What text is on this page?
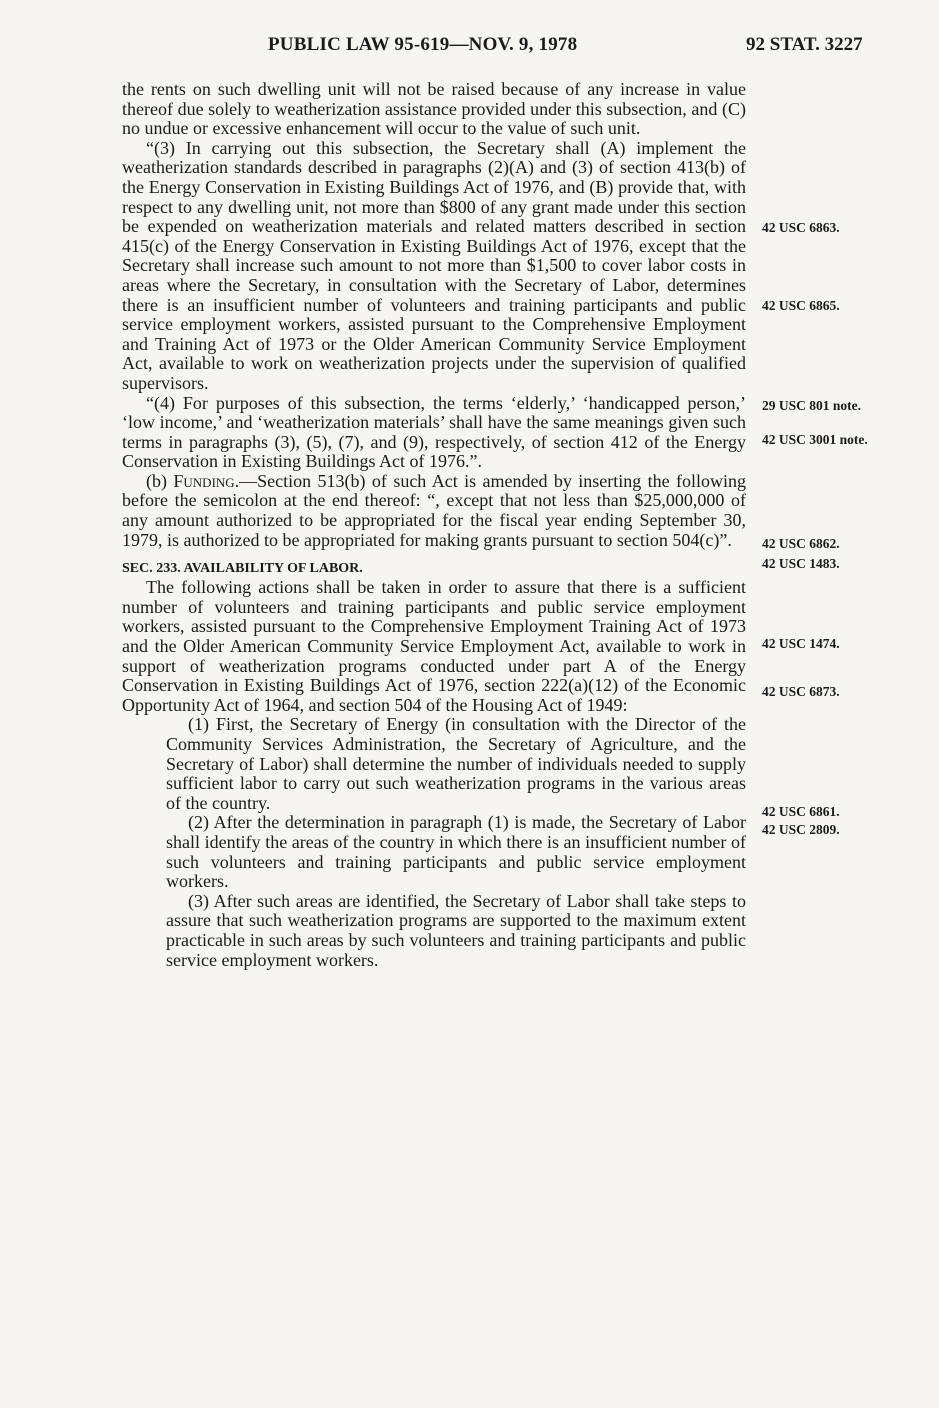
PUBLIC LAW 95-619—NOV. 9, 1978	92 STAT. 3227

the rents on such dwelling unit will not be raised because of any increase in value thereof due solely to weatherization assistance provided under this subsection, and (C) no undue or excessive enhancement will occur to the value of such unit.

“(3) In carrying out this subsection, the Secretary shall (A) implement the weatherization standards described in paragraphs (2)(A) and (3) of section 413(b) of the Energy Conservation in Existing Buildings Act of 1976, and (B) provide that, with respect to any dwelling unit, not more than $800 of any grant made under this section be expended on weatherization materials and related matters described in section 415(c) of the Energy Conservation in Existing Buildings Act of 1976, except that the Secretary shall increase such amount to not more than $1,500 to cover labor costs in areas where the Secretary, in consultation with the Secretary of Labor, determines there is an insufficient number of volunteers and training participants and public service employment workers, assisted pursuant to the Comprehensive Employment and Training Act of 1973 or the Older American Community Service Employment Act, available to work on weatherization projects under the supervision of qualified supervisors.

“(4) For purposes of this subsection, the terms ‘elderly,’ ‘handicapped person,’ ‘low income,’ and ‘weatherization materials’ shall have the same meanings given such terms in paragraphs (3), (5), (7), and (9), respectively, of section 412 of the Energy Conservation in Existing Buildings Act of 1976.”.

(b) Funding.—Section 513(b) of such Act is amended by inserting the following before the semicolon at the end thereof: “, except that not less than $25,000,000 of any amount authorized to be appropriated for the fiscal year ending September 30, 1979, is authorized to be appropriated for making grants pursuant to section 504(c)”.

SEC. 233. AVAILABILITY OF LABOR.

The following actions shall be taken in order to assure that there is a sufficient number of volunteers and training participants and public service employment workers, assisted pursuant to the Comprehensive Employment Training Act of 1973 and the Older American Community Service Employment Act, available to work in support of weatherization programs conducted under part A of the Energy Conservation in Existing Buildings Act of 1976, section 222(a)(12) of the Economic Opportunity Act of 1964, and section 504 of the Housing Act of 1949:

(1) First, the Secretary of Energy (in consultation with the Director of the Community Services Administration, the Secretary of Agriculture, and the Secretary of Labor) shall determine the number of individuals needed to supply sufficient labor to carry out such weatherization programs in the various areas of the country.

(2) After the determination in paragraph (1) is made, the Secretary of Labor shall identify the areas of the country in which there is an insufficient number of such volunteers and training participants and public service employment workers.

(3) After such areas are identified, the Secretary of Labor shall take steps to assure that such weatherization programs are supported to the maximum extent practicable in such areas by such volunteers and training participants and public service employment workers.

42 USC 6863.
42 USC 6865.
29 USC 801 note.
42 USC 3001 note.
42 USC 6862.
42 USC 1483.
42 USC 1474.
42 USC 6873.
42 USC 6861.
42 USC 2809.
